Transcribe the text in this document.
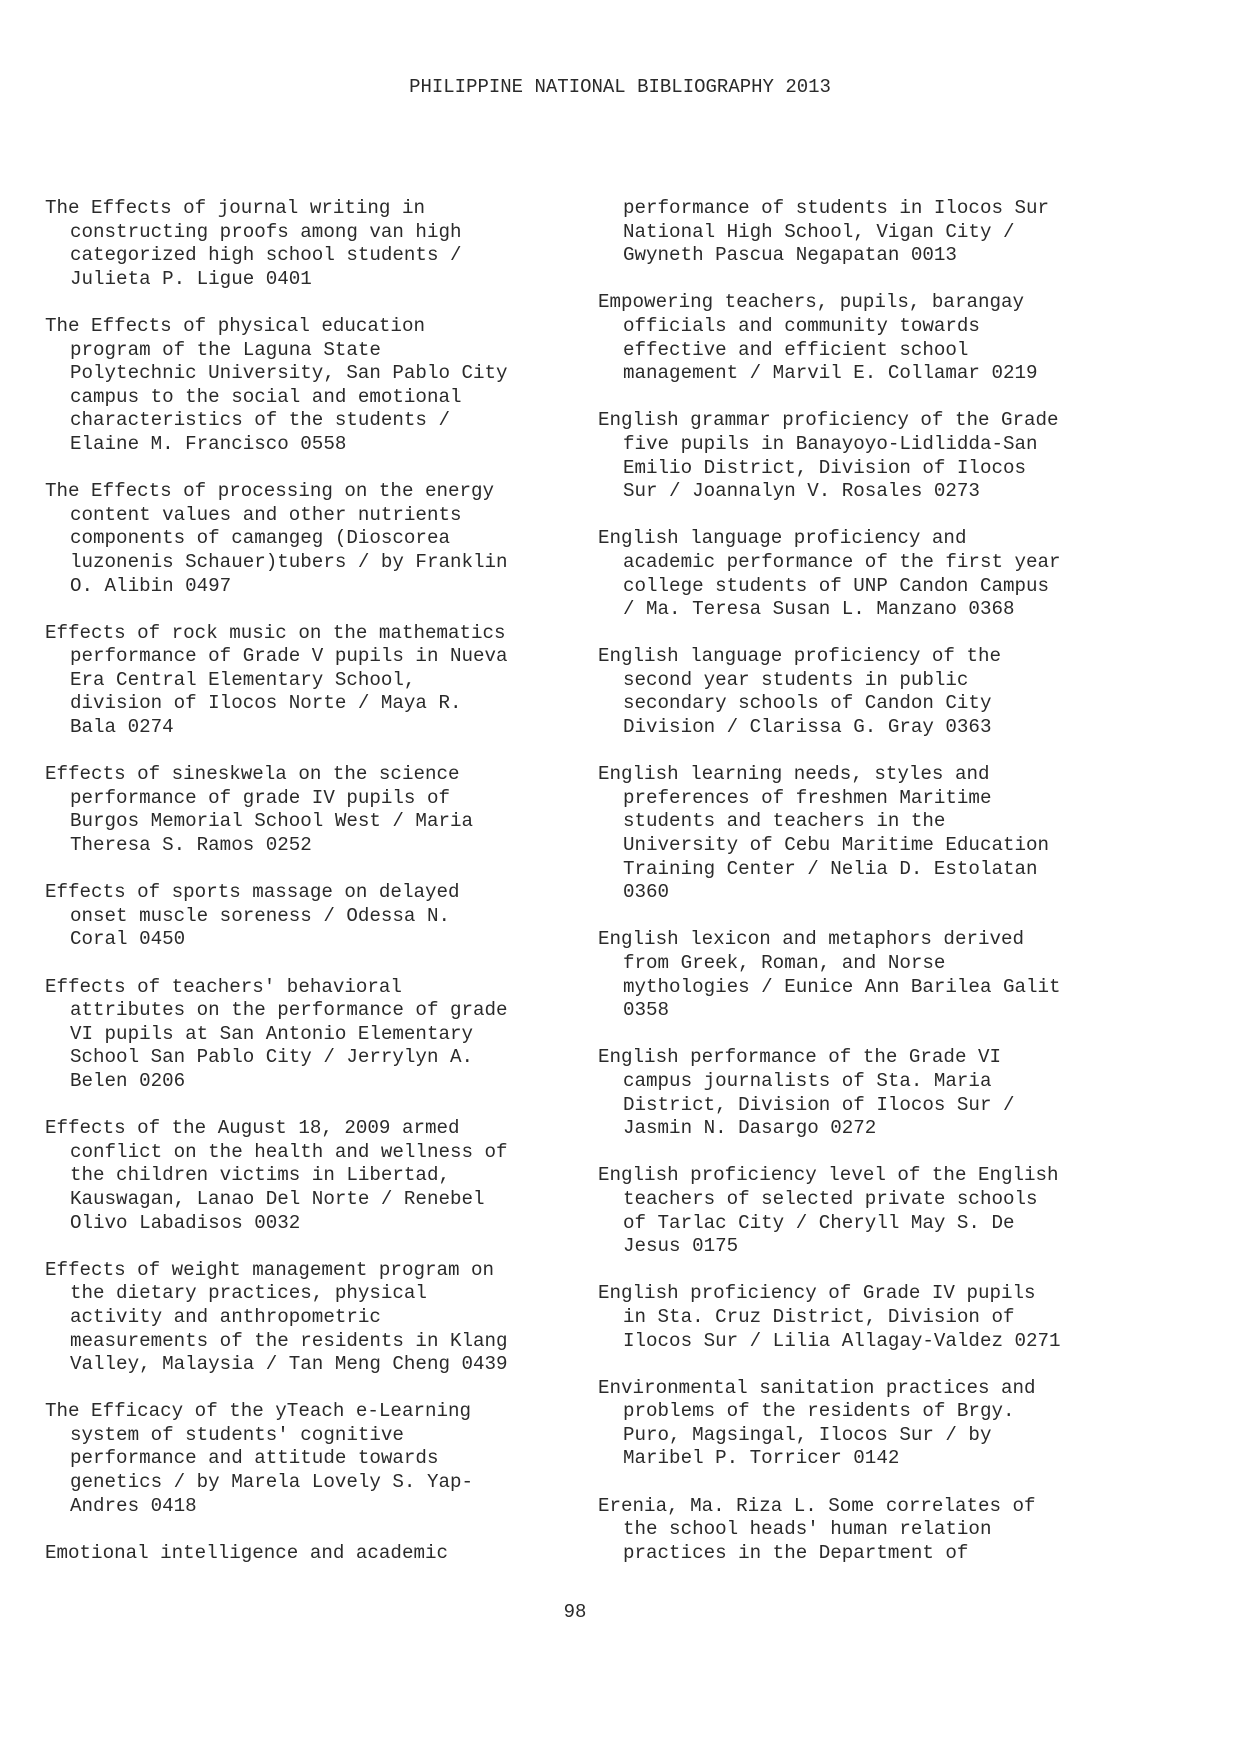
PHILIPPINE NATIONAL BIBLIOGRAPHY 2013

The Effects of journal writing in
constructing proofs among van high
categorized high school students /
Julieta P. Ligue 0401

The Effects of physical education
program of the Laguna State
Polytechnic University, San Pablo City
campus to the social and emotional
characteristics of the students /
Elaine M. Francisco 0558

The Effects of processing on the energy
content values and other nutrients
components of camangeg (Dioscorea
luzonenis Schauer)tubers / by Franklin
O. Alibin 0497

Effects of rock music on the mathematics
performance of Grade V pupils in Nueva
Era Central Elementary School,
division of Ilocos Norte / Maya R.
Bala 0274

Effects of sineskwela on the science
performance of grade IV pupils of
Burgos Memorial School West / Maria
Theresa S. Ramos 0252

Effects of sports massage on delayed
onset muscle soreness / Odessa N.
Coral 0450

Effects of teachers' behavioral
attributes on the performance of grade
VI pupils at San Antonio Elementary
School San Pablo City / Jerrylyn A.
Belen 0206

Effects of the August 18, 2009 armed
conflict on the health and wellness of
the children victims in Libertad,
Kauswagan, Lanao Del Norte / Renebel
Olivo Labadisos 0032

Effects of weight management program on
the dietary practices, physical
activity and anthropometric
measurements of the residents in Klang
Valley, Malaysia / Tan Meng Cheng 0439

The Efficacy of the yTeach e-Learning
system of students' cognitive
performance and attitude towards
genetics / by Marela Lovely S. Yap-
Andres 0418

Emotional intelligence and academic

performance of students in Ilocos Sur
National High School, Vigan City /
Gwyneth Pascua Negapatan 0013

Empowering teachers, pupils, barangay
officials and community towards
effective and efficient school
management / Marvil E. Collamar 0219

English grammar proficiency of the Grade
five pupils in Banayoyo-Lidlidda-San
Emilio District, Division of Ilocos
Sur / Joannalyn V. Rosales 0273

English language proficiency and
academic performance of the first year
college students of UNP Candon Campus
/ Ma. Teresa Susan L. Manzano 0368

English language proficiency of the
second year students in public
secondary schools of Candon City
Division / Clarissa G. Gray 0363

English learning needs, styles and
preferences of freshmen Maritime
students and teachers in the
University of Cebu Maritime Education
Training Center / Nelia D. Estolatan
0360

English lexicon and metaphors derived
from Greek, Roman, and Norse
mythologies / Eunice Ann Barilea Galit
0358

English performance of the Grade VI
campus journalists of Sta. Maria
District, Division of Ilocos Sur /
Jasmin N. Dasargo 0272

English proficiency level of the English
teachers of selected private schools
of Tarlac City / Cheryll May S. De
Jesus 0175

English proficiency of Grade IV pupils
in Sta. Cruz District, Division of
Ilocos Sur / Lilia Allagay-Valdez 0271

Environmental sanitation practices and
problems of the residents of Brgy.
Puro, Magsingal, Ilocos Sur / by
Maribel P. Torricer 0142

Erenia, Ma. Riza L. Some correlates of
the school heads' human relation
practices in the Department of

98
